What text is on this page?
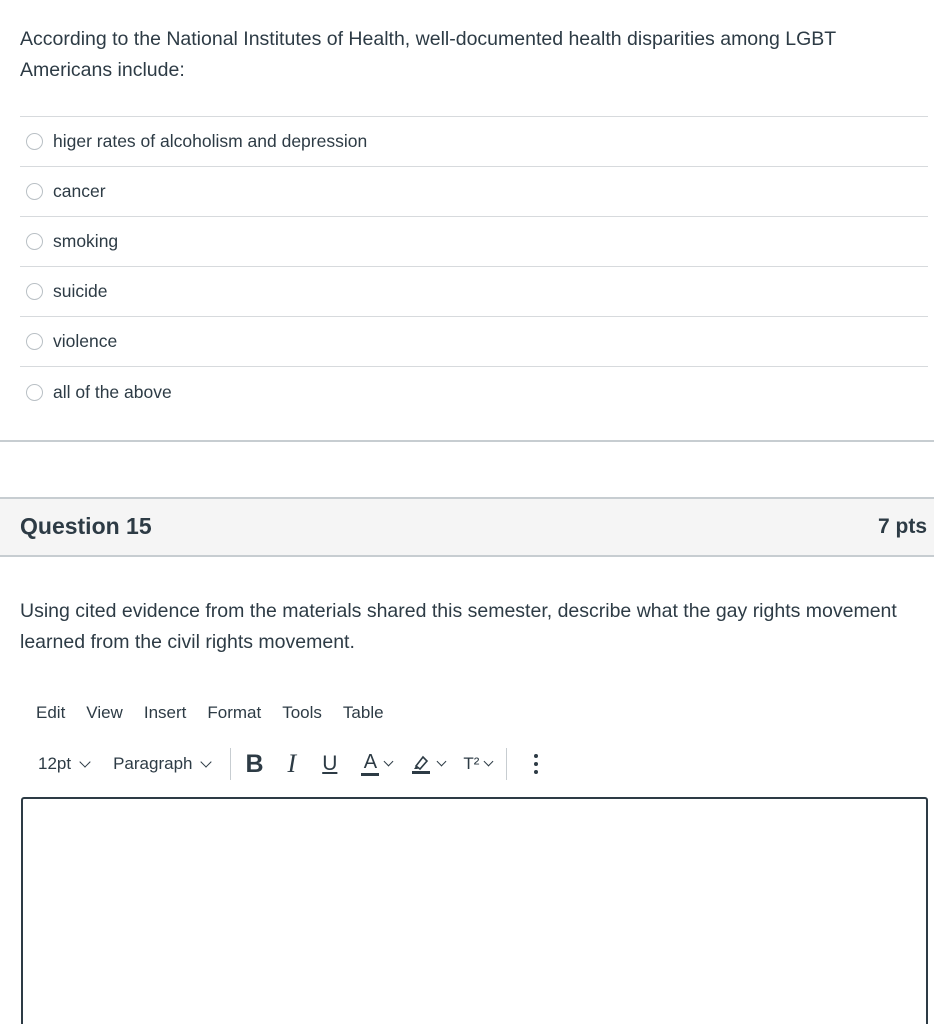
According to the National Institutes of Health, well-documented health disparities among LGBT Americans include:
higer rates of alcoholism and depression
cancer
smoking
suicide
violence
all of the above
Question 15	7 pts
Using cited evidence from the materials shared this semester, describe what the gay rights movement learned from the civil rights movement.
Edit View Insert Format Tools Table
12pt Paragraph B I U A	T²
